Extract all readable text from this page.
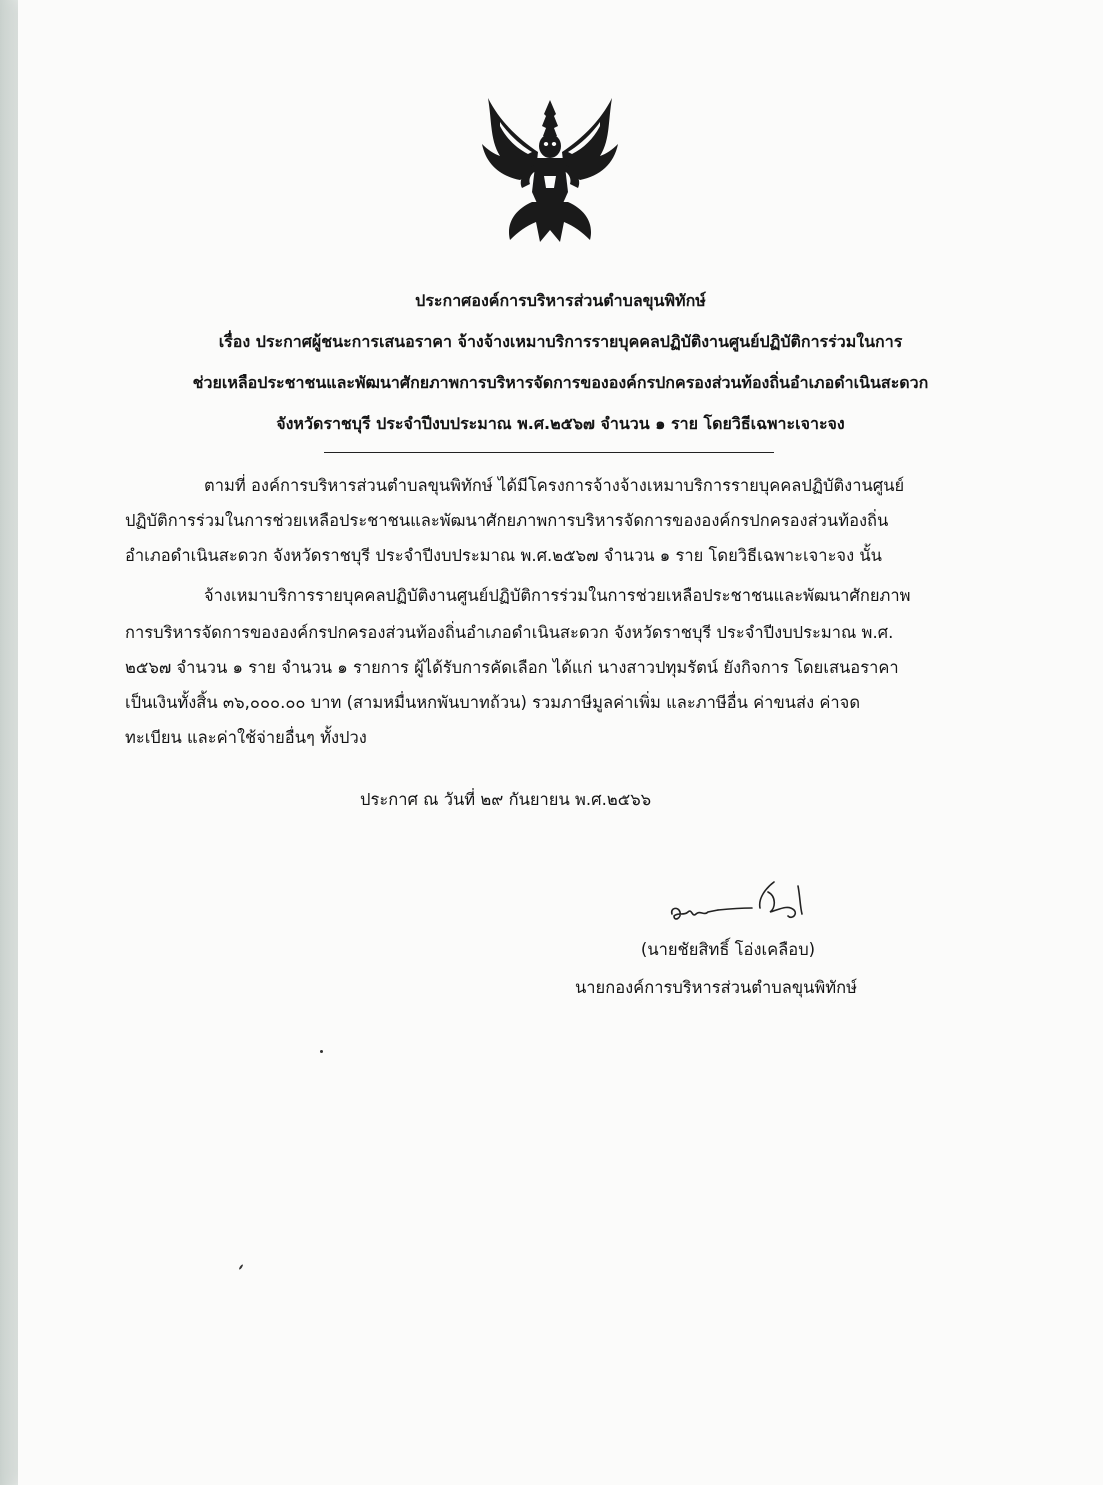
ประกาศองค์การบริหารส่วนตำบลขุนพิทักษ์
เรื่อง ประกาศผู้ชนะการเสนอราคา จ้างจ้างเหมาบริการรายบุคคลปฏิบัติงานศูนย์ปฏิบัติการร่วมในการ
ช่วยเหลือประชาชนและพัฒนาศักยภาพการบริหารจัดการขององค์กรปกครองส่วนท้องถิ่นอำเภอดำเนินสะดวก
จังหวัดราชบุรี ประจำปีงบประมาณ พ.ศ.๒๕๖๗ จำนวน ๑ ราย โดยวิธีเฉพาะเจาะจง
ตามที่ องค์การบริหารส่วนตำบลขุนพิทักษ์ ได้มีโครงการจ้างจ้างเหมาบริการรายบุคคลปฏิบัติงานศูนย์
ปฏิบัติการร่วมในการช่วยเหลือประชาชนและพัฒนาศักยภาพการบริหารจัดการขององค์กรปกครองส่วนท้องถิ่น
อำเภอดำเนินสะดวก จังหวัดราชบุรี ประจำปีงบประมาณ พ.ศ.๒๕๖๗ จำนวน ๑ ราย โดยวิธีเฉพาะเจาะจง นั้น
จ้างเหมาบริการรายบุคคลปฏิบัติงานศูนย์ปฏิบัติการร่วมในการช่วยเหลือประชาชนและพัฒนาศักยภาพ
การบริหารจัดการขององค์กรปกครองส่วนท้องถิ่นอำเภอดำเนินสะดวก จังหวัดราชบุรี ประจำปีงบประมาณ พ.ศ.
๒๕๖๗ จำนวน ๑ ราย จำนวน ๑ รายการ ผู้ได้รับการคัดเลือก ได้แก่ นางสาวปทุมรัตน์ ยังกิจการ โดยเสนอราคา
เป็นเงินทั้งสิ้น ๓๖,๐๐๐.๐๐ บาท (สามหมื่นหกพันบาทถ้วน) รวมภาษีมูลค่าเพิ่ม และภาษีอื่น ค่าขนส่ง ค่าจด
ทะเบียน และค่าใช้จ่ายอื่นๆ ทั้งปวง
ประกาศ ณ วันที่ ๒๙ กันยายน พ.ศ.๒๕๖๖
(นายชัยสิทธิ์ โอ่งเคลือบ)
นายกองค์การบริหารส่วนตำบลขุนพิทักษ์
